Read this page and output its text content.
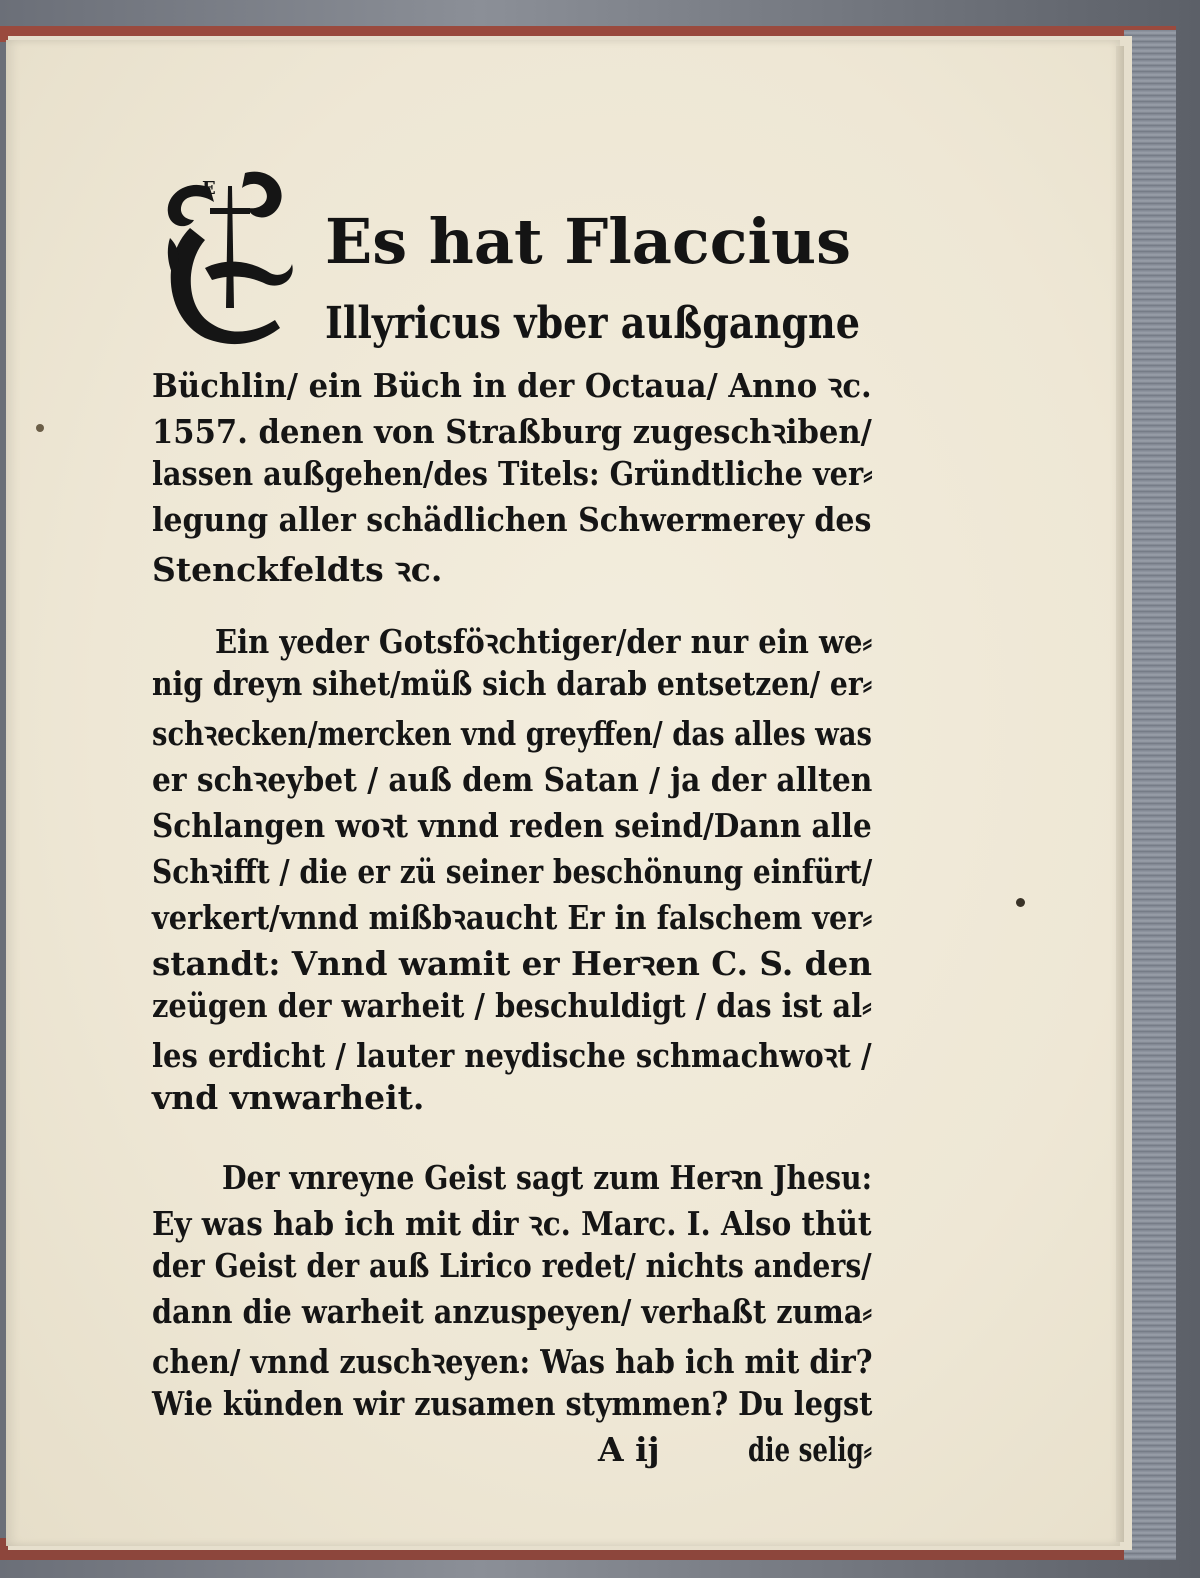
E
Es hat Flaccius
Illyricus vber außgangne
Büchlin/ ein Büch in der Octaua/ Anno ꝛc.
1557. denen von Straßburg zugeschꝛiben/
lassen außgehen/des Titels: Gründtliche ver⸗
legung aller schädlichen Schwermerey des
Stenckfeldts ꝛc.
Ein yeder Gotsföꝛchtiger/der nur ein we⸗
nig dreyn sihet/müß sich darab entsetzen/ er⸗
schꝛecken/mercken vnd greyffen/ das alles was
er schꝛeybet / auß dem Satan / ja der allten
Schlangen woꝛt vnnd reden seind/Dann alle
Schꝛifft / die er zü seiner beschönung einfürt/
verkert/vnnd mißbꝛaucht Er in falschem ver⸗
standt: Vnnd wamit er Herꝛen C. S. den
zeügen der warheit / beschuldigt / das ist al⸗
les erdicht / lauter neydische schmachwoꝛt /
vnd vnwarheit.
Der vnreyne Geist sagt zum Herꝛn Jhesu:
Ey was hab ich mit dir ꝛc. Marc. I. Also thüt
der Geist der auß Lirico redet/ nichts anders/
dann die warheit anzuspeyen/ verhaßt zuma⸗
chen/ vnnd zuschꝛeyen: Was hab ich mit dir?
Wie künden wir zusamen stymmen? Du legst
A ij	die selig⸗
